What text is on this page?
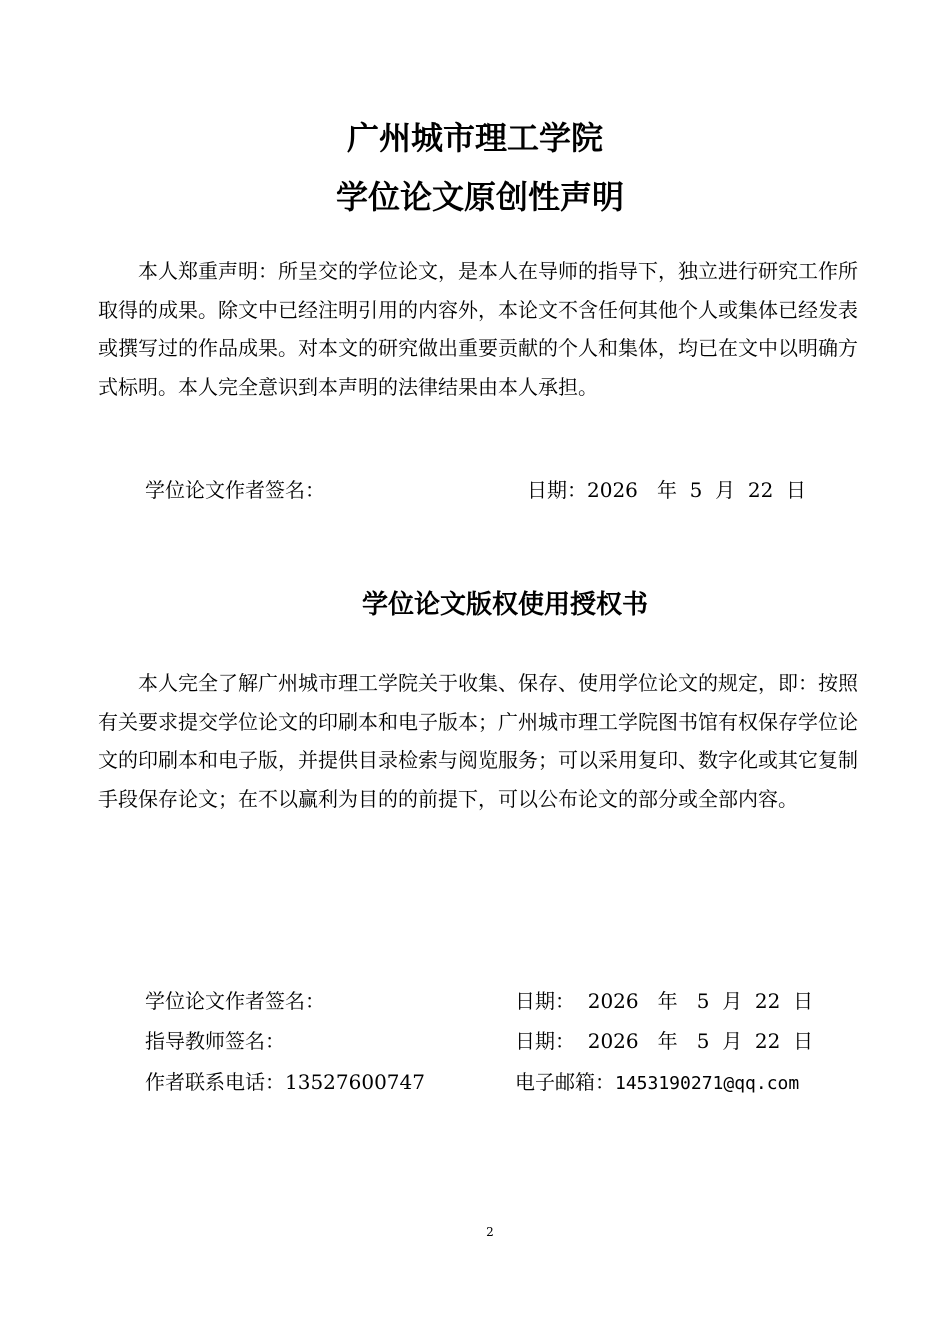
广州城市理工学院
学位论文原创性声明

本人郑重声明：所呈交的学位论文，是本人在导师的指导下，独立进行研究工作所取得的成果。除文中已经注明引用的内容外，本论文不含任何其他个人或集体已经发表或撰写过的作品成果。对本文的研究做出重要贡献的个人和集体，均已在文中以明确方式标明。本人完全意识到本声明的法律结果由本人承担。

学位论文作者签名：	日期：2026   年  5  月  22  日
学位论文版权使用授权书

本人完全了解广州城市理工学院关于收集、保存、使用学位论文的规定，即：按照有关要求提交学位论文的印刷本和电子版本；广州城市理工学院图书馆有权保存学位论文的印刷本和电子版，并提供目录检索与阅览服务；可以采用复印、数字化或其它复制手段保存论文；在不以赢利为目的的前提下，可以公布论文的部分或全部内容。

学位论文作者签名：	日期：  2026   年   5  月  22  日
指导教师签名：	日期：  2026   年   5  月  22  日
作者联系电话：13527600747	电子邮箱：1453190271@qq.com
2
